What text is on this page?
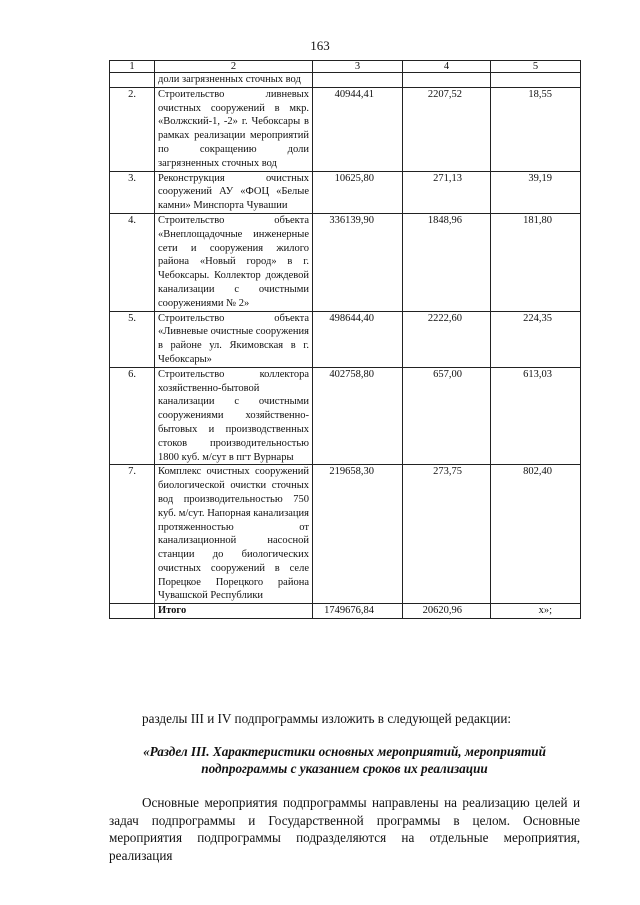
163
1	2	3	4	5
	доли загрязненных сточных вод			
2.	Строительство ливневых очистных сооружений в мкр. «Волжский-1, -2» г. Чебоксары в рамках реализации мероприятий по сокращению доли загрязненных сточных вод	40944,41	2207,52	18,55
3.	Реконструкция очистных сооружений АУ «ФОЦ «Белые камни» Минспорта Чувашии	10625,80	271,13	39,19
4.	Строительство объекта «Внеплощадочные инженерные сети и сооружения жилого района «Новый город» в г. Чебоксары. Коллектор дождевой канализации с очистными сооружениями № 2»	336139,90	1848,96	181,80
5.	Строительство объекта «Ливневые очистные сооружения в районе ул. Якимовская в г. Чебоксары»	498644,40	2222,60	224,35
6.	Строительство коллектора хозяйственно-бытовой канализации с очистными сооружениями хозяйственно-бытовых и производственных стоков производительностью 1800 куб. м/сут в пгт Вурнары	402758,80	657,00	613,03
7.	Комплекс очистных сооружений биологической очистки сточных вод производительностью 750 куб. м/сут. Напорная канализация протяженностью от канализационной насосной станции до биологических очистных сооружений в селе Порецкое Порецкого района Чувашской Республики	219658,30	273,75	802,40
	Итого	1749676,84	20620,96	х»;
разделы III и IV подпрограммы изложить в следующей редакции:
«Раздел III. Характеристики основных мероприятий, мероприятий подпрограммы с указанием сроков их реализации
Основные мероприятия подпрограммы направлены на реализацию целей и задач подпрограммы и Государственной программы в целом. Основные мероприятия подпрограммы подразделяются на отдельные мероприятия, реализация
